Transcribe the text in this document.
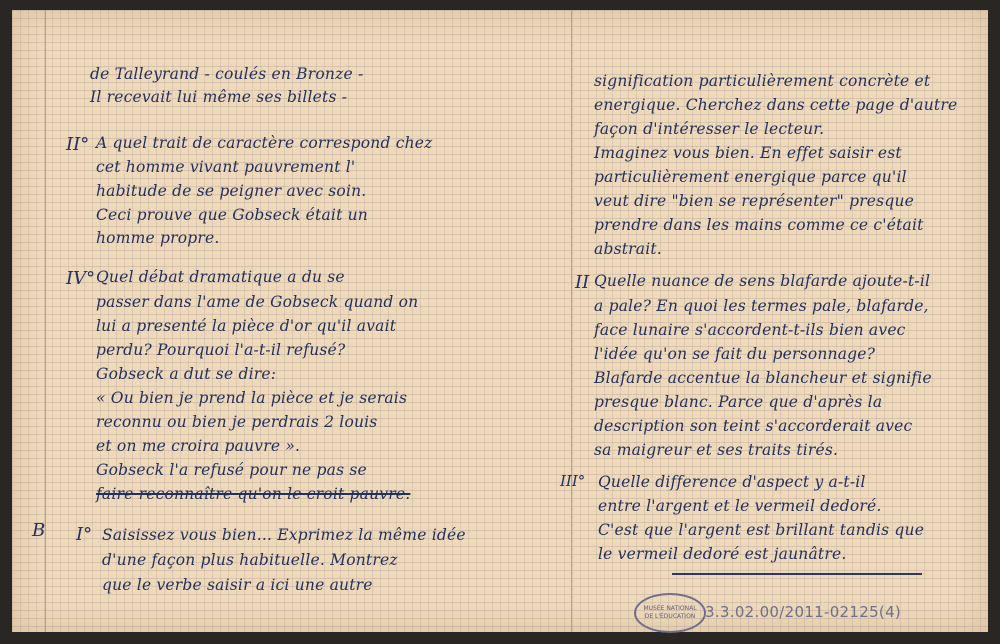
de Talleyrand - coulés en Bronze -
Il recevait lui même ses billets -
II° A quel trait de caractère correspond chez
cet homme vivant pauvrement l'
habitude de se peigner avec soin.
Ceci prouve que Gobseck était un
homme propre.
IV° Quel débat dramatique a du se
passer dans l'ame de Gobseck quand on
lui a presenté la pièce d'or qu'il avait
perdu? Pourquoi l'a-t-il refusé?
Gobseck a dut se dire:
« Ou bien je prend la pièce et je serais
reconnu ou bien je perdrais 2 louis
et on me croira pauvre ».
Gobseck l'a refusé pour ne pas se
faire reconnaître qu'on le croit pauvre.
B I° Saisissez vous bien... Exprimez la même idée
d'une façon plus habituelle. Montrez
que le verbe saisir a ici une autre
signification particulièrement concrète et
energique. Cherchez dans cette page d'autre
façon d'intéresser le lecteur.
Imaginez vous bien. En effet saisir est
particulièrement energique parce qu'il
veut dire "bien se représenter" presque
prendre dans les mains comme ce c'était
abstrait.
II Quelle nuance de sens blafarde ajoute-t-il
a pale? En quoi les termes pale, blafarde,
face lunaire s'accordent-t-ils bien avec
l'idée qu'on se fait du personnage?
Blafarde accentue la blancheur et signifie
presque blanc. Parce que d'après la
description son teint s'accorderait avec
sa maigreur et ses traits tirés.
III° Quelle difference d'aspect y a-t-il
entre l'argent et le vermeil dedoré.
C'est que l'argent est brillant tandis que
le vermeil dedoré est jaunâtre.
MUSÉE NATIONAL
DE L'ÉDUCATION 3.3.02.00/2011-02125(4)
